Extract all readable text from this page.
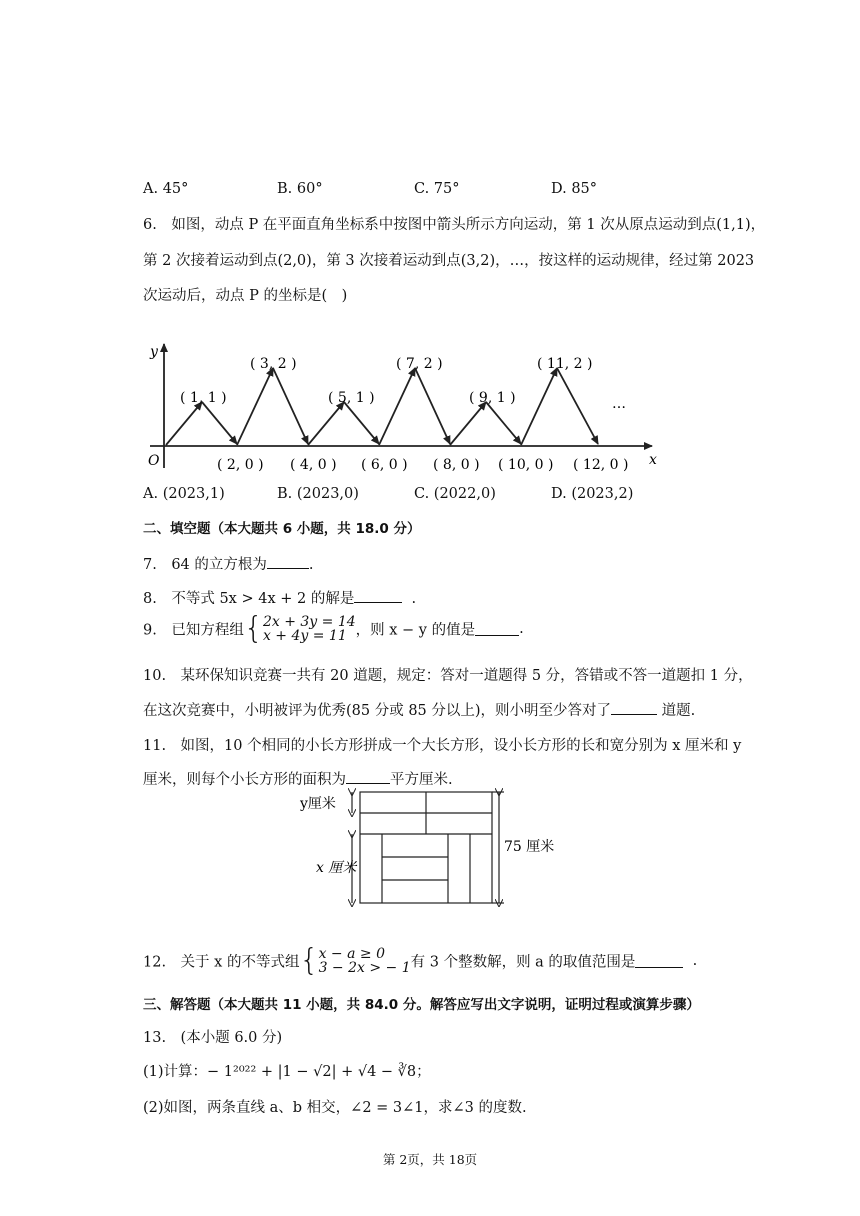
A. 45°	B. 60°	C. 75°	D. 85°
6.　如图，动点 P 在平面直角坐标系中按图中箭头所示方向运动，第 1 次从原点运动到点(1,1)，
第 2 次接着运动到点(2,0)，第 3 次接着运动到点(3,2)，…，按这样的运动规律，经过第 2023
次运动后，动点 P 的坐标是(　)
y
x
O
( 1, 1 )
( 3, 2 )
( 5, 1 )
( 7, 2 )
( 9, 1 )
( 11, 2 )
…
( 2, 0 ) ( 4, 0 ) ( 6, 0 ) ( 8, 0 ) ( 10, 0 ) ( 12, 0 )
A. (2023,1)	B. (2023,0)	C. (2022,0)	D. (2023,2)
二、填空题（本大题共 6 小题，共 18.0 分）
7.　64 的立方根为	.
8.　不等式 5x > 4x + 2 的解是	.
9.　已知方程组{2x + 3y = 14
x + 4y = 11 ，则 x − y 的值是	.
10.　某环保知识竞赛一共有 20 道题，规定：答对一道题得 5 分，答错或不答一道题扣 1 分，
在这次竞赛中，小明被评为优秀(85 分或 85 分以上)，则小明至少答对了	道题.
11.　如图，10 个相同的小长方形拼成一个大长方形，设小长方形的长和宽分别为 x 厘米和 y
厘米，则每个小长方形的面积为	平方厘米.
y厘米
x 厘米
75 厘米
12.　关于 x 的不等式组{x − a ≥ 0
3 − 2x > − 1有 3 个整数解，则 a 的取值范围是	.
三、解答题（本大题共 11 小题，共 84.0 分。解答应写出文字说明，证明过程或演算步骤）
13.　(本小题 6.0 分)
(1)计算：− 1²⁰²² + |1 − √2| + √4 − ∛8；
(2)如图，两条直线 a、b 相交，∠2 = 3∠1，求∠3 的度数.
第 2页，共 18页
